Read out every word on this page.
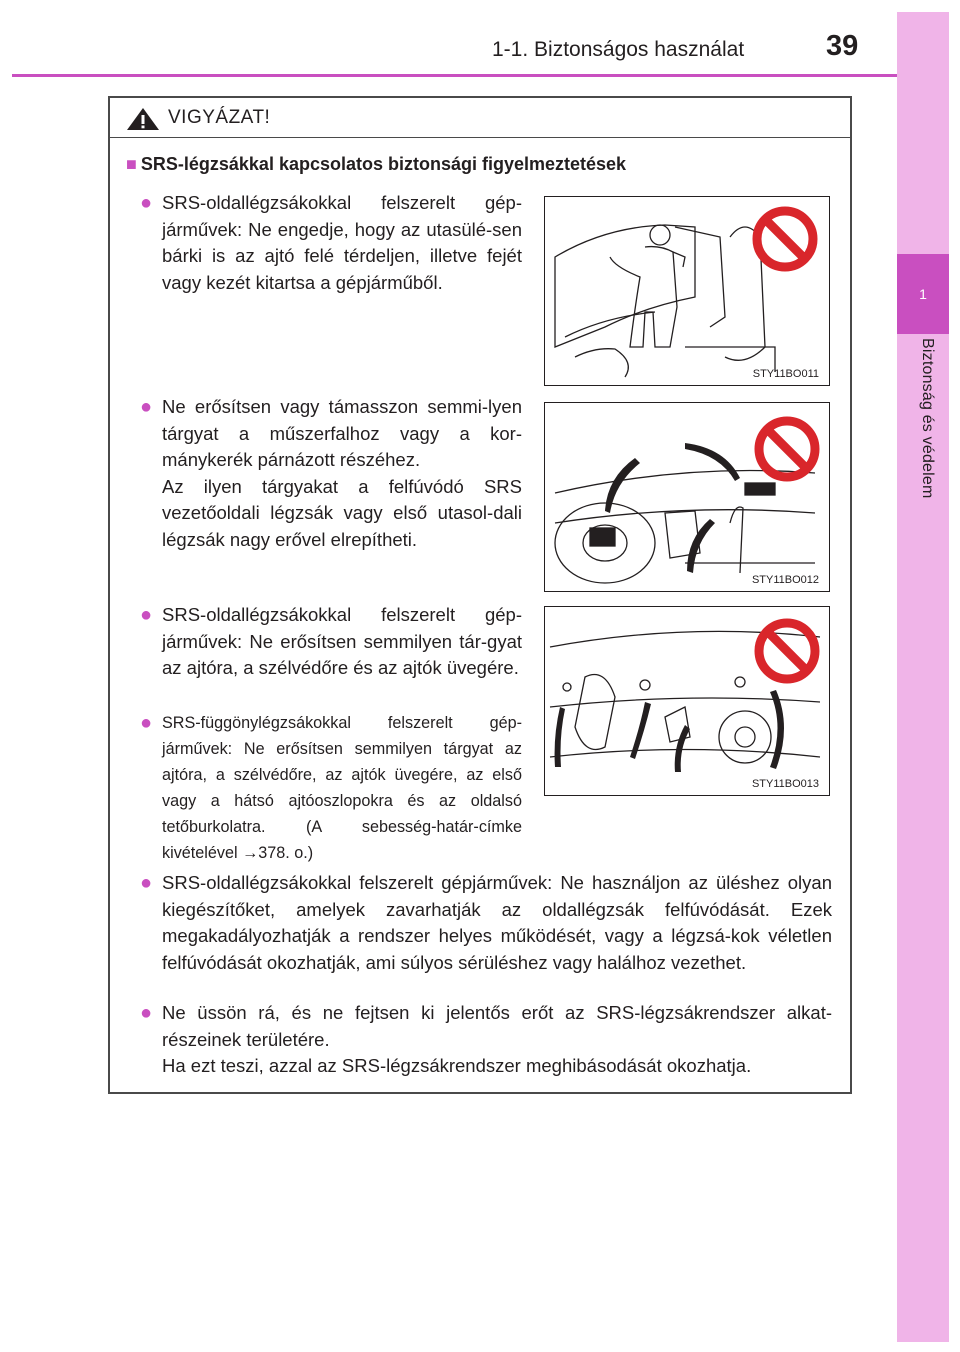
1
Biztonság és védelem
1-1. Biztonságos használat	39
VIGYÁZAT!
■ SRS-légzsákkal kapcsolatos biztonsági figyelmeztetések
● SRS-oldallégzsákokkal felszerelt gép-járművek: Ne engedje, hogy az utasülé-sen bárki is az ajtó felé térdeljen, illetve fejét vagy kezét kitartsa a gépjárműből.
● Ne erősítsen vagy támasszon semmi-lyen tárgyat a műszerfalhoz vagy a kor-mánykerék párnázott részéhez.
Az ilyen tárgyakat a felfúvódó SRS vezetőoldali légzsák vagy első utasol-dali légzsák nagy erővel elrepítheti.
● SRS-oldallégzsákokkal felszerelt gép-járművek: Ne erősítsen semmilyen tár-gyat az ajtóra, a szélvédőre és az ajtók üvegére.
● SRS-függönylégzsákokkal felszerelt gép-járművek: Ne erősítsen semmilyen tárgyat az ajtóra, a szélvédőre, az ajtók üvegére, az első vagy a hátsó ajtóoszlopokra és az oldalsó tetőburkolatra. (A sebesség-határ-címke kivételével →378. o.)
● SRS-oldallégzsákokkal felszerelt gépjárművek: Ne használjon az üléshez olyan kiegészítőket, amelyek zavarhatják az oldallégzsák felfúvódását. Ezek megakadályozhatják a rendszer helyes működését, vagy a légzsá-kok véletlen felfúvódását okozhatják, ami súlyos sérüléshez vagy halálhoz vezethet.
● Ne üssön rá, és ne fejtsen ki jelentős erőt az SRS-légzsákrendszer alkat-részeinek területére.
Ha ezt teszi, azzal az SRS-légzsákrendszer meghibásodását okozhatja.
STY11BO011
STY11BO012
STY11BO013
